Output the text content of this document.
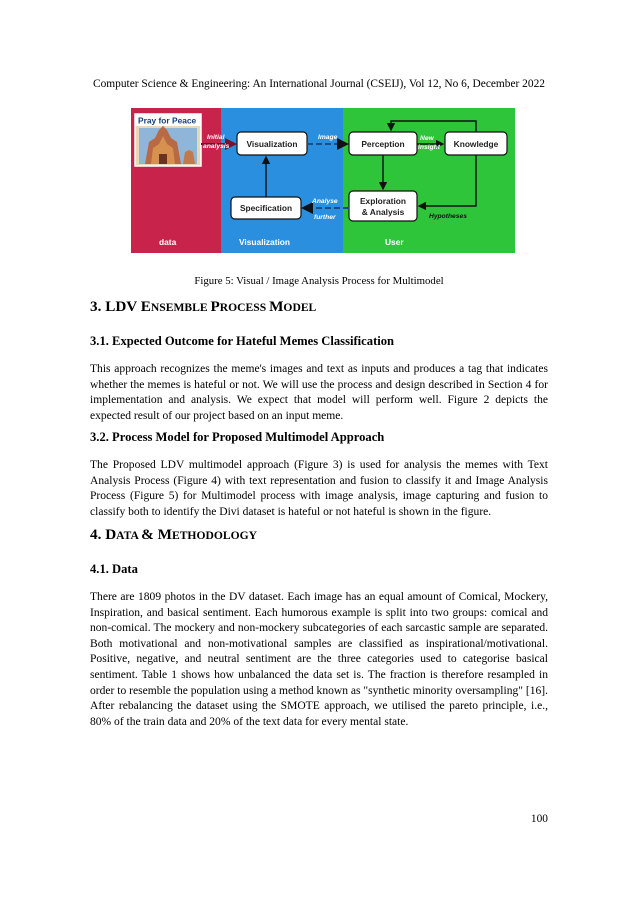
Computer Science & Engineering: An International Journal (CSEIJ), Vol 12, No 6, December 2022
Pray for Peace
Visualization	Perception	Knowledge
Specification
Exploration
& Analysis
Initial
analysis
Image	New
insight
Analyse
further	Hypotheses
data	Visualization	User
Figure 5: Visual / Image Analysis Process for Multimodel
3. LDV ENSEMBLE PROCESS MODEL
3.1. Expected Outcome for Hateful Memes Classification

This approach recognizes the meme's images and text as inputs and produces a tag that indicates whether the memes is hateful or not. We will use the process and design described in Section 4 for implementation and analysis. We expect that model will perform well. Figure 2 depicts the expected result of our project based on an input meme.

3.2. Process Model for Proposed Multimodel Approach

The Proposed LDV multimodel approach (Figure 3) is used for analysis the memes with Text Analysis Process (Figure 4) with text representation and fusion to classify it and Image Analysis Process (Figure 5) for Multimodel process with image analysis, image capturing and fusion to classify both to identify the Divi dataset is hateful or not hateful is shown in the figure.

4. DATA & METHODOLOGY
4.1. Data

There are 1809 photos in the DV dataset. Each image has an equal amount of Comical, Mockery, Inspiration, and basical sentiment. Each humorous example is split into two groups: comical and non-comical. The mockery and non-mockery subcategories of each sarcastic sample are separated. Both motivational and non-motivational samples are classified as inspirational/motivational. Positive, negative, and neutral sentiment are the three categories used to categorise basical sentiment. Table 1 shows how unbalanced the data set is. The fraction is therefore resampled in order to resemble the population using a method known as "synthetic minority oversampling" [16]. After rebalancing the dataset using the SMOTE approach, we utilised the pareto principle, i.e., 80% of the train data and 20% of the text data for every mental state.

100
